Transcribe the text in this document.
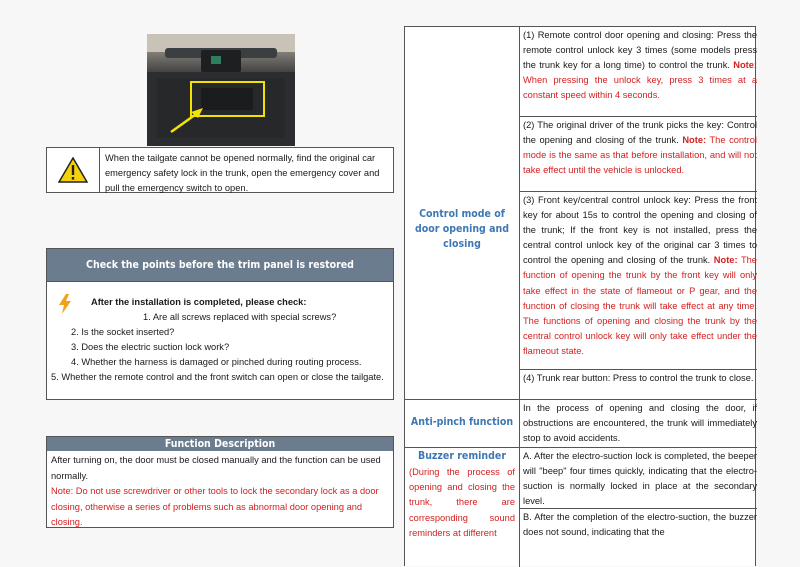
When the tailgate cannot be opened normally, find the original car emergency safety lock in the trunk, open the emergency cover and pull the emergency switch to open.
Check the points before the trim panel is restored
After the installation is completed, please check:
1. Are all screws replaced with special screws?
2. Is the socket inserted?
3. Does the electric suction lock work?
4. Whether the harness is damaged or pinched during routing process.
5. Whether the remote control and the front switch can open or close the tailgate.
Function Description
After turning on, the door must be closed manually and the function can be used normally.
Note: Do not use screwdriver or other tools to lock the secondary lock as a door closing, otherwise a series of problems such as abnormal door opening and closing.
Control mode of door opening and closing
(1) Remote control door opening and closing: Press the remote control unlock key 3 times (some models press the trunk key for a long time) to control the trunk. Note: When pressing the unlock key, press 3 times at a constant speed within 4 seconds.
(2) The original driver of the trunk picks the key: Control the opening and closing of the trunk. Note: The control mode is the same as that before installation, and will not take effect until the vehicle is unlocked.
(3) Front key/central control unlock key: Press the front key for about 15s to control the opening and closing of the trunk; If the front key is not installed, press the central control unlock key of the original car 3 times to control the opening and closing of the trunk. Note: The function of opening the trunk by the front key will only take effect in the state of flameout or P gear, and the function of closing the trunk will take effect at any time. The functions of opening and closing the trunk by the central control unlock key will only take effect under the flameout state.
(4) Trunk rear button: Press to control the trunk to close.
Anti-pinch function
In the process of opening and closing the door, if obstructions are encountered, the trunk will immediately stop to avoid accidents.
Buzzer reminder
(During the process of opening and closing the trunk, there are corresponding sound reminders at different
A. After the electro-suction lock is completed, the beeper will "beep" four times quickly, indicating that the electro-suction is normally locked in place at the secondary level.
B. After the completion of the electro-suction, the buzzer does not sound, indicating that the
